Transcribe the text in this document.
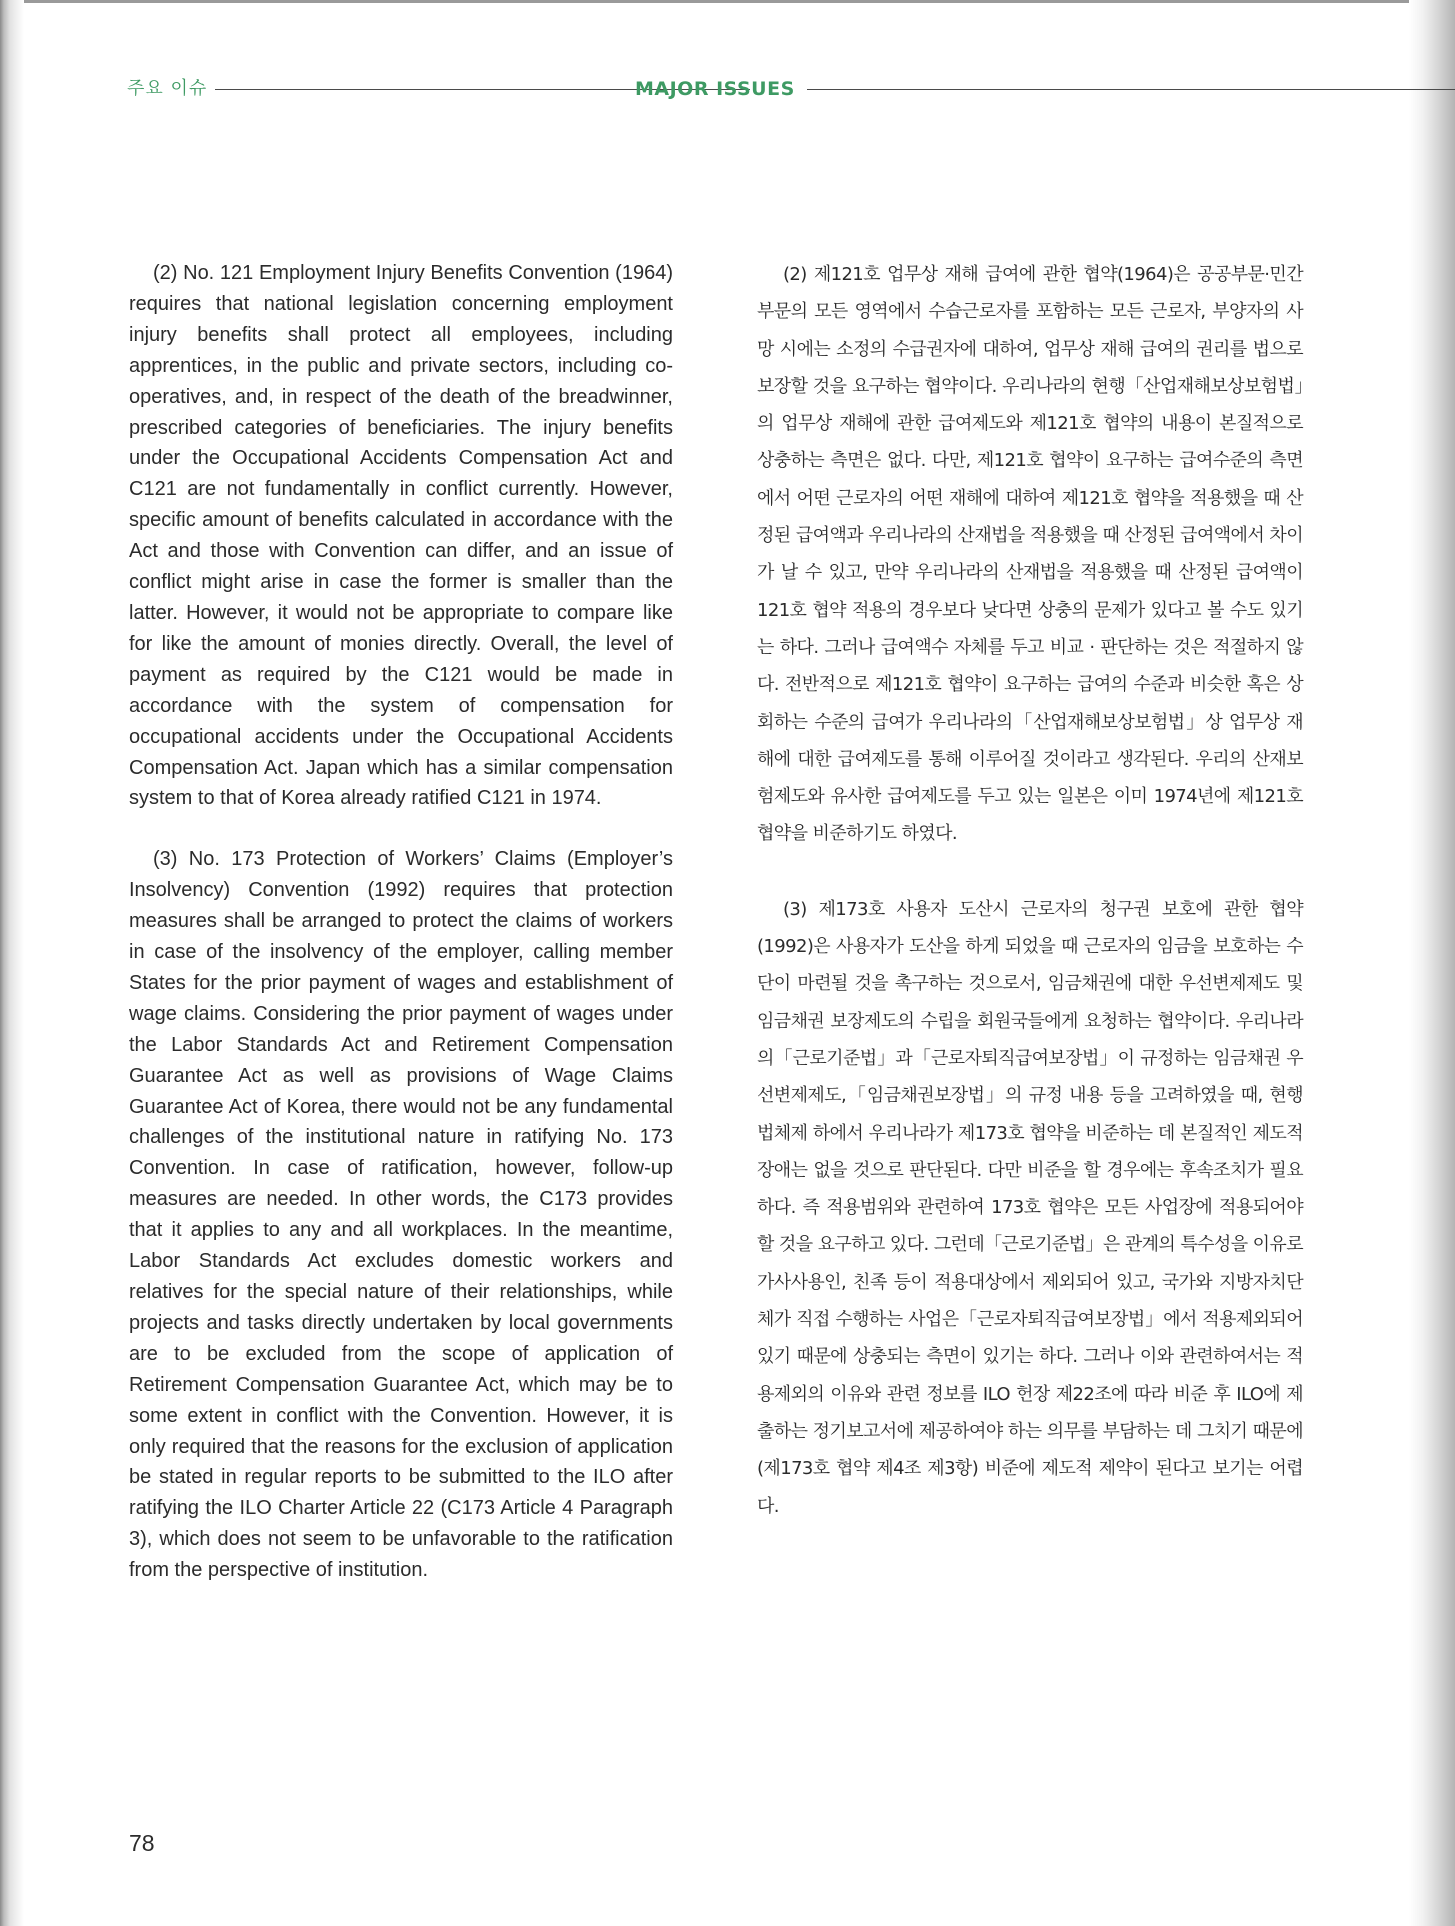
주요 이슈	MAJOR ISSUES

(2) No. 121 Employment Injury Benefits Convention (1964) requires that national legislation concerning employment injury benefits shall protect all employees, including apprentices, in the public and private sectors, including co-operatives, and, in respect of the death of the breadwinner, prescribed categories of beneficiaries. The injury benefits under the Occupational Accidents Compensation Act and C121 are not fundamentally in conflict currently. However, specific amount of benefits calculated in accordance with the Act and those with Convention can differ, and an issue of conflict might arise in case the former is smaller than the latter. However, it would not be appropriate to compare like for like the amount of monies directly. Overall, the level of payment as required by the C121 would be made in accordance with the system of compensation for occupational accidents under the Occupational Accidents Compensation Act. Japan which has a similar compensation system to that of Korea already ratified C121 in 1974.

(3) No. 173 Protection of Workers’ Claims (Employer’s Insolvency) Convention (1992) requires that protection measures shall be arranged to protect the claims of workers in case of the insolvency of the employer, calling member States for the prior payment of wages and establishment of wage claims. Considering the prior payment of wages under the Labor Standards Act and Retirement Compensation Guarantee Act as well as provisions of Wage Claims Guarantee Act of Korea, there would not be any fundamental challenges of the institutional nature in ratifying No. 173 Convention. In case of ratification, however, follow-up measures are needed. In other words, the C173 provides that it applies to any and all workplaces. In the meantime, Labor Standards Act excludes domestic workers and relatives for the special nature of their relationships, while projects and tasks directly undertaken by local governments are to be excluded from the scope of application of Retirement Compensation Guarantee Act, which may be to some extent in conflict with the Convention. However, it is only required that the reasons for the exclusion of application be stated in regular reports to be submitted to the ILO after ratifying the ILO Charter Article 22 (C173 Article 4 Paragraph 3), which does not seem to be unfavorable to the ratification from the perspective of institution.

(2) 제121호 업무상 재해 급여에 관한 협약(1964)은 공공부문·민간부문의 모든 영역에서 수습근로자를 포함하는 모든 근로자, 부양자의 사망 시에는 소정의 수급권자에 대하여, 업무상 재해 급여의 권리를 법으로 보장할 것을 요구하는 협약이다. 우리나라의 현행「산업재해보상보험법」의 업무상 재해에 관한 급여제도와 제121호 협약의 내용이 본질적으로 상충하는 측면은 없다. 다만, 제121호 협약이 요구하는 급여수준의 측면에서 어떤 근로자의 어떤 재해에 대하여 제121호 협약을 적용했을 때 산정된 급여액과 우리나라의 산재법을 적용했을 때 산정된 급여액에서 차이가 날 수 있고, 만약 우리나라의 산재법을 적용했을 때 산정된 급여액이 121호 협약 적용의 경우보다 낮다면 상충의 문제가 있다고 볼 수도 있기는 하다. 그러나 급여액수 자체를 두고 비교 · 판단하는 것은 적절하지 않다. 전반적으로 제121호 협약이 요구하는 급여의 수준과 비슷한 혹은 상회하는 수준의 급여가 우리나라의「산업재해보상보험법」상 업무상 재해에 대한 급여제도를 통해 이루어질 것이라고 생각된다. 우리의 산재보험제도와 유사한 급여제도를 두고 있는 일본은 이미 1974년에 제121호 협약을 비준하기도 하였다.

(3) 제173호 사용자 도산시 근로자의 청구권 보호에 관한 협약(1992)은 사용자가 도산을 하게 되었을 때 근로자의 임금을 보호하는 수단이 마련될 것을 촉구하는 것으로서, 임금채권에 대한 우선변제제도 및 임금채권 보장제도의 수립을 회원국들에게 요청하는 협약이다. 우리나라의「근로기준법」과「근로자퇴직급여보장법」이 규정하는 임금채권 우선변제제도,「임금채권보장법」의 규정 내용 등을 고려하였을 때, 현행 법체제 하에서 우리나라가 제173호 협약을 비준하는 데 본질적인 제도적 장애는 없을 것으로 판단된다. 다만 비준을 할 경우에는 후속조치가 필요하다. 즉 적용범위와 관련하여 173호 협약은 모든 사업장에 적용되어야 할 것을 요구하고 있다. 그런데「근로기준법」은 관계의 특수성을 이유로 가사사용인, 친족 등이 적용대상에서 제외되어 있고, 국가와 지방자치단체가 직접 수행하는 사업은「근로자퇴직급여보장법」에서 적용제외되어 있기 때문에 상충되는 측면이 있기는 하다. 그러나 이와 관련하여서는 적용제외의 이유와 관련 정보를 ILO 헌장 제22조에 따라 비준 후 ILO에 제출하는 정기보고서에 제공하여야 하는 의무를 부담하는 데 그치기 때문에(제173호 협약 제4조 제3항) 비준에 제도적 제약이 된다고 보기는 어렵다.

78
